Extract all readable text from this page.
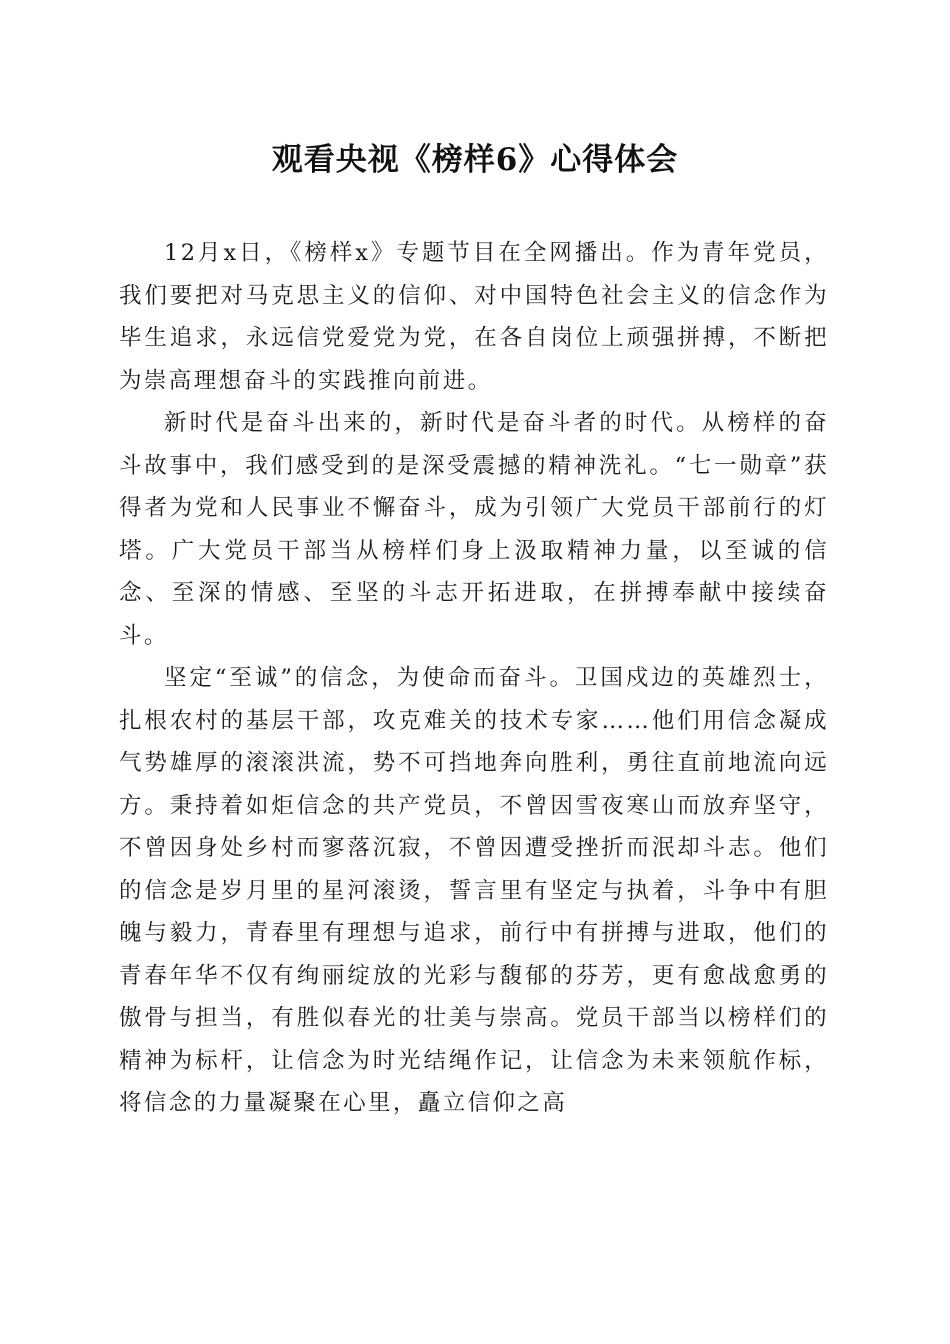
观看央视《榜样6》心得体会

12月x日，《榜样x》专题节目在全网播出。作为青年党员，我们要把对马克思主义的信仰、对中国特色社会主义的信念作为毕生追求，永远信党爱党为党，在各自岗位上顽强拼搏，不断把为崇高理想奋斗的实践推向前进。

新时代是奋斗出来的，新时代是奋斗者的时代。从榜样的奋斗故事中，我们感受到的是深受震撼的精神洗礼。“七一勋章”获得者为党和人民事业不懈奋斗，成为引领广大党员干部前行的灯塔。广大党员干部当从榜样们身上汲取精神力量，以至诚的信念、至深的情感、至坚的斗志开拓进取，在拼搏奉献中接续奋斗。

坚定“至诚”的信念，为使命而奋斗。卫国戍边的英雄烈士，扎根农村的基层干部，攻克难关的技术专家……他们用信念凝成气势雄厚的滚滚洪流，势不可挡地奔向胜利，勇往直前地流向远方。秉持着如炬信念的共产党员，不曾因雪夜寒山而放弃坚守，不曾因身处乡村而寥落沉寂，不曾因遭受挫折而泯却斗志。他们的信念是岁月里的星河滚烫，誓言里有坚定与执着，斗争中有胆魄与毅力，青春里有理想与追求，前行中有拼搏与进取，他们的青春年华不仅有绚丽绽放的光彩与馥郁的芬芳，更有愈战愈勇的傲骨与担当，有胜似春光的壮美与崇高。党员干部当以榜样们的精神为标杆，让信念为时光结绳作记，让信念为未来领航作标，将信念的力量凝聚在心里，矗立信仰之高
